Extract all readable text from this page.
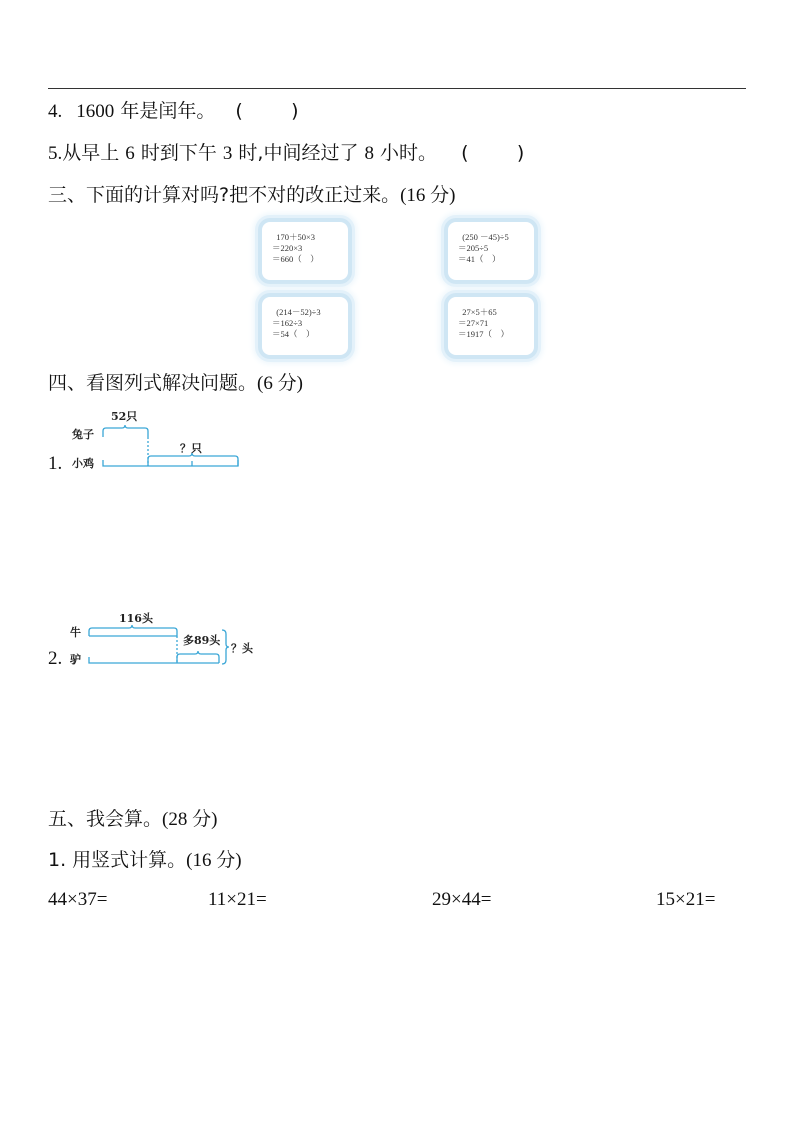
4. 1600 年是闰年。 (        )
5.从早上 6 时到下午 3 时,中间经过了 8 小时。 (        )
三、下面的计算对吗?把不对的改正过来。(16 分)
170＋50×3
＝220×3
＝660（    ）
(250 －45)÷5
＝205÷5
＝41（    ）
(214－52)÷3
＝162÷3
＝54（    ）
27×5＋65
＝27×71
＝1917（    ）
四、看图列式解决问题。(6 分)
1.
兔子
小鸡
52只
？只
2.
牛
驴
116头
多89头
？头
五、我会算。(28 分)
1. 用竖式计算。(16 分)
44×37=	11×21=	29×44=	15×21=
